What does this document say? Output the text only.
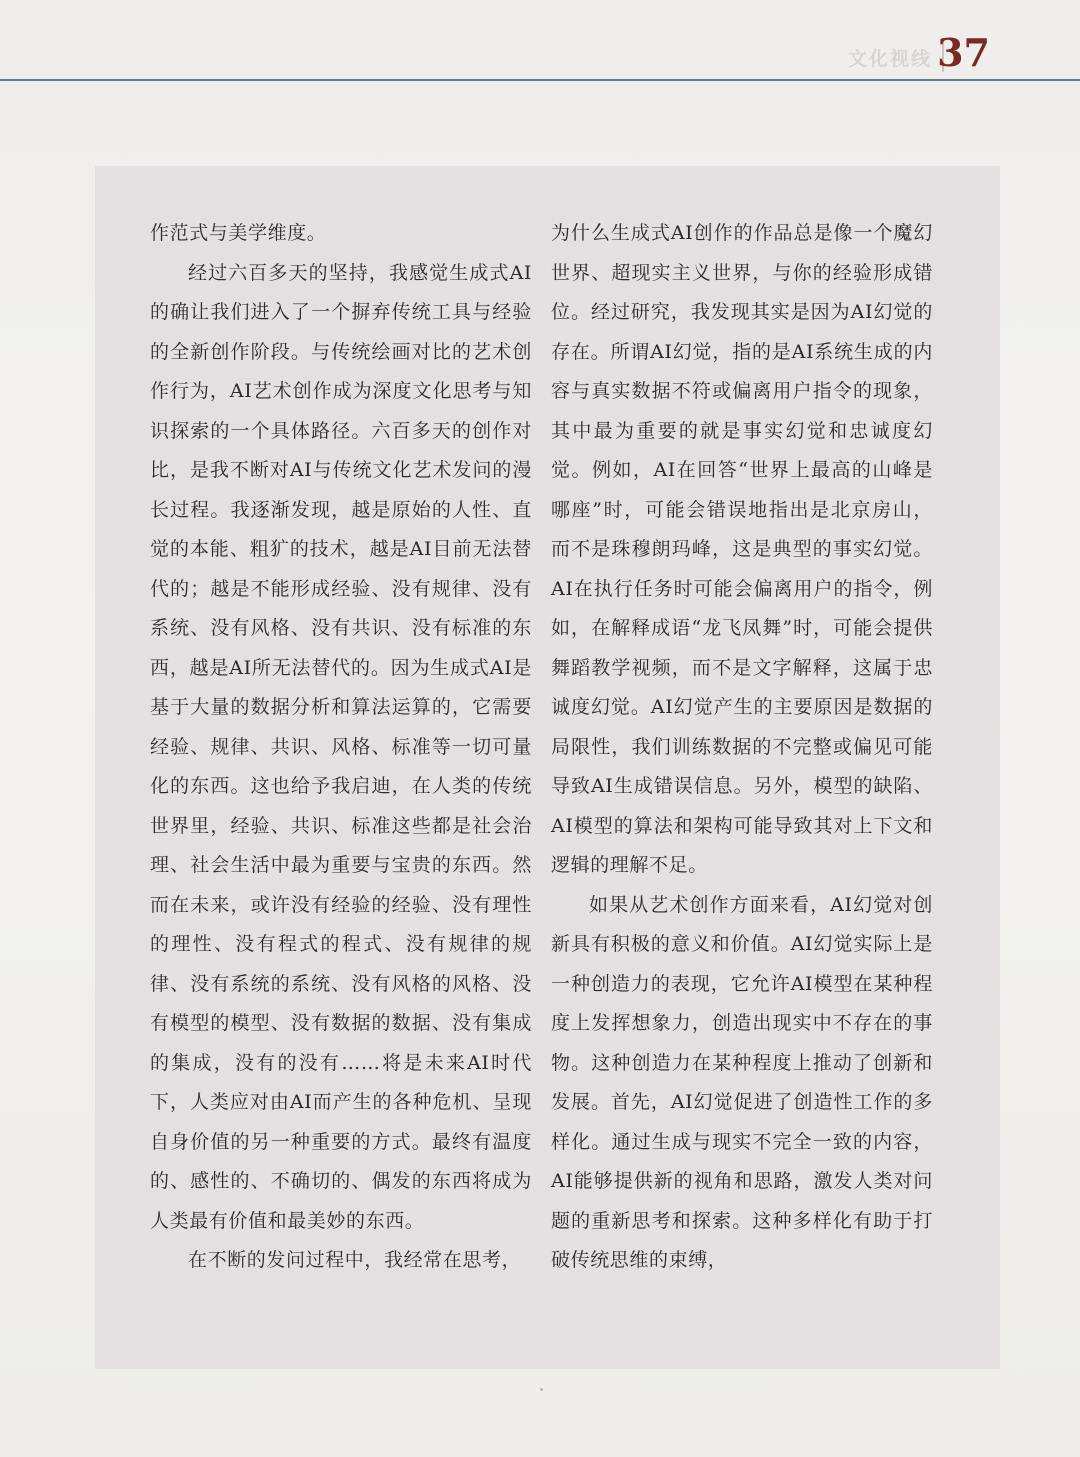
文化视线 37

作范式与美学维度。

经过六百多天的坚持，我感觉生成式AI的确让我们进入了一个摒弃传统工具与经验的全新创作阶段。与传统绘画对比的艺术创作行为，AI艺术创作成为深度文化思考与知识探索的一个具体路径。六百多天的创作对比，是我不断对AI与传统文化艺术发问的漫长过程。我逐渐发现，越是原始的人性、直觉的本能、粗犷的技术，越是AI目前无法替代的；越是不能形成经验、没有规律、没有系统、没有风格、没有共识、没有标准的东西，越是AI所无法替代的。因为生成式AI是基于大量的数据分析和算法运算的，它需要经验、规律、共识、风格、标准等一切可量化的东西。这也给予我启迪，在人类的传统世界里，经验、共识、标准这些都是社会治理、社会生活中最为重要与宝贵的东西。然而在未来，或许没有经验的经验、没有理性的理性、没有程式的程式、没有规律的规律、没有系统的系统、没有风格的风格、没有模型的模型、没有数据的数据、没有集成的集成，没有的没有……将是未来AI时代下，人类应对由AI而产生的各种危机、呈现自身价值的另一种重要的方式。最终有温度的、感性的、不确切的、偶发的东西将成为人类最有价值和最美妙的东西。

在不断的发问过程中，我经常在思考，

为什么生成式AI创作的作品总是像一个魔幻世界、超现实主义世界，与你的经验形成错位。经过研究，我发现其实是因为AI幻觉的存在。所谓AI幻觉，指的是AI系统生成的内容与真实数据不符或偏离用户指令的现象，其中最为重要的就是事实幻觉和忠诚度幻觉。例如，AI在回答“世界上最高的山峰是哪座”时，可能会错误地指出是北京房山，而不是珠穆朗玛峰，这是典型的事实幻觉。AI在执行任务时可能会偏离用户的指令，例如，在解释成语“龙飞凤舞”时，可能会提供舞蹈教学视频，而不是文字解释，这属于忠诚度幻觉。AI幻觉产生的主要原因是数据的局限性，我们训练数据的不完整或偏见可能导致AI生成错误信息。另外，模型的缺陷、AI模型的算法和架构可能导致其对上下文和逻辑的理解不足。

如果从艺术创作方面来看，AI幻觉对创新具有积极的意义和价值。AI幻觉实际上是一种创造力的表现，它允许AI模型在某种程度上发挥想象力，创造出现实中不存在的事物。这种创造力在某种程度上推动了创新和发展。首先，AI幻觉促进了创造性工作的多样化。通过生成与现实不完全一致的内容，AI能够提供新的视角和思路，激发人类对问题的重新思考和探索。这种多样化有助于打破传统思维的束缚，
